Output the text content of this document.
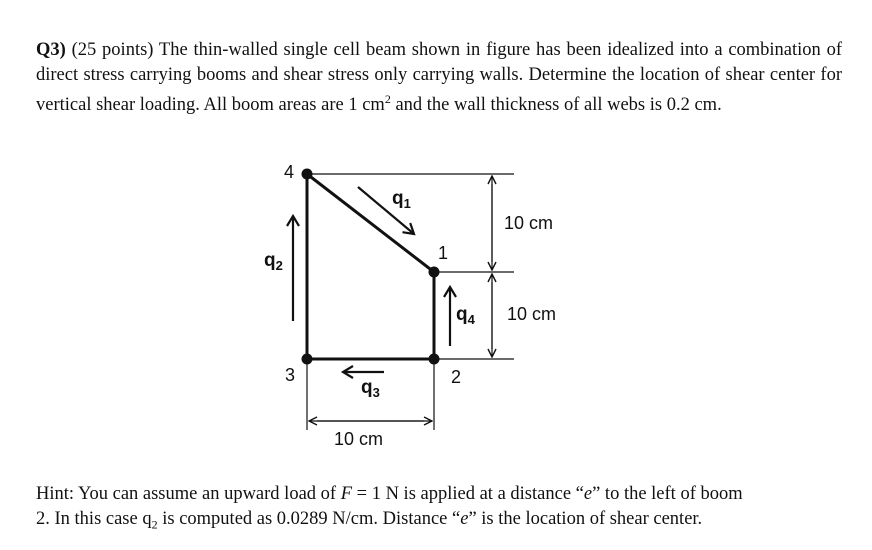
Q3) (25 points) The thin-walled single cell beam shown in figure has been idealized into a combination of direct stress carrying booms and shear stress only carrying walls. Determine the location of shear center for vertical shear loading. All boom areas are 1 $cm^2$ and the wall thickness of all webs is 0.2 cm.
4
1
2
3
$q_1$
$q_2$
$q_3$
$q_4$
10 cm
10 cm
10 cm
Hint: You can assume an upward load of F = 1 N is applied at a distance “e” to the left of boom
2. In this case $q_2$ is computed as 0.0289 N/cm. Distance “e” is the location of shear center.
